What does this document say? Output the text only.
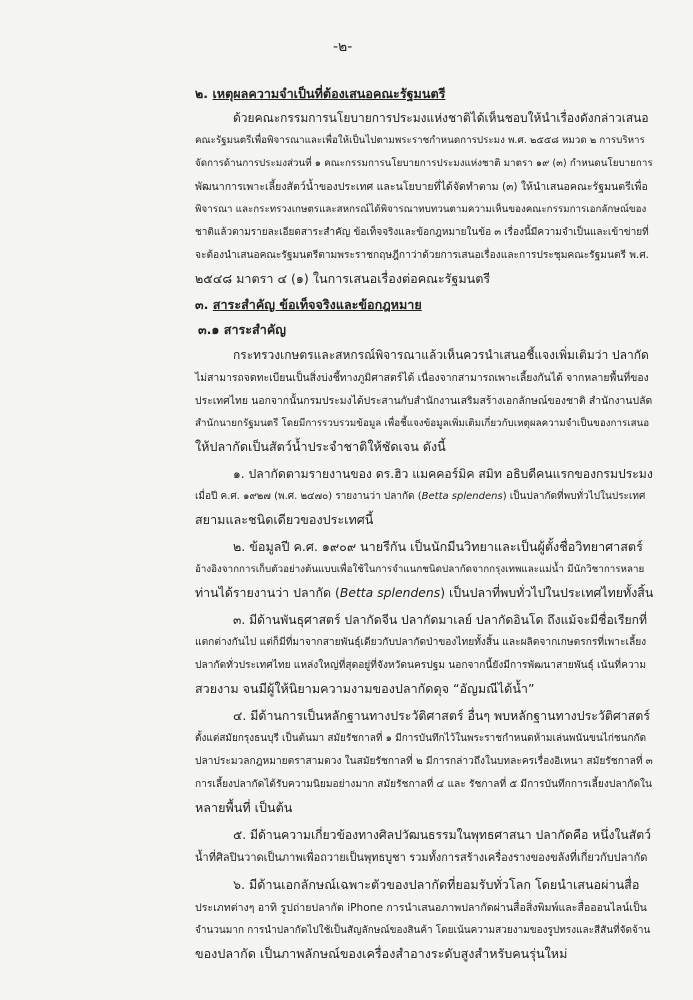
-๒-
๒. เหตุผลความจำเป็นที่ต้องเสนอคณะรัฐมนตรี
ด้วยคณะกรรมการนโยบายการประมงแห่งชาติได้เห็นชอบให้นำเรื่องดังกล่าวเสนอ
คณะรัฐมนตรีเพื่อพิจารณาและเพื่อให้เป็นไปตามพระราชกำหนดการประมง พ.ศ. ๒๕๕๘ หมวด ๒ การบริหาร
จัดการด้านการประมงส่วนที่ ๑ คณะกรรมการนโยบายการประมงแห่งชาติ มาตรา ๑๙ (๓) กำหนดนโยบายการ
พัฒนาการเพาะเลี้ยงสัตว์น้ำของประเทศ และนโยบายที่ได้จัดทำตาม (๓) ให้นำเสนอคณะรัฐมนตรีเพื่อ
พิจารณา และกระทรวงเกษตรและสหกรณ์ได้พิจารณาทบทวนตามความเห็นของคณะกรรมการเอกลักษณ์ของ
ชาติแล้วตามรายละเอียดสาระสำคัญ ข้อเท็จจริงและข้อกฎหมายในข้อ ๓ เรื่องนี้มีความจำเป็นและเข้าข่ายที่
จะต้องนำเสนอคณะรัฐมนตรีตามพระราชกฤษฎีกาว่าด้วยการเสนอเรื่องและการประชุมคณะรัฐมนตรี พ.ศ.
๒๕๔๘ มาตรา ๔ (๑) ในการเสนอเรื่องต่อคณะรัฐมนตรี
๓. สาระสำคัญ ข้อเท็จจริงและข้อกฎหมาย
๓.๑ สาระสำคัญ
กระทรวงเกษตรและสหกรณ์พิจารณาแล้วเห็นควรนำเสนอชี้แจงเพิ่มเติมว่า ปลากัด
ไม่สามารถจดทะเบียนเป็นสิ่งบ่งชี้ทางภูมิศาสตร์ได้ เนื่องจากสามารถเพาะเลี้ยงกันได้ จากหลายพื้นที่ของ
ประเทศไทย นอกจากนั้นกรมประมงได้ประสานกับสำนักงานเสริมสร้างเอกลักษณ์ของชาติ สำนักงานปลัด
สำนักนายกรัฐมนตรี โดยมีการรวบรวมข้อมูล เพื่อชี้แจงข้อมูลเพิ่มเติมเกี่ยวกับเหตุผลความจำเป็นของการเสนอ
ให้ปลากัดเป็นสัตว์น้ำประจำชาติให้ชัดเจน ดังนี้
๑. ปลากัดตามรายงานของ ดร.ฮิว แมคคอร์มิค สมิท อธิบดีคนแรกของกรมประมง
เมื่อปี ค.ศ. ๑๙๒๗ (พ.ศ. ๒๔๗๐) รายงานว่า ปลากัด (Betta splendens) เป็นปลากัดที่พบทั่วไปในประเทศ
สยามและชนิดเดียวของประเทศนี้
๒. ข้อมูลปี ค.ศ. ๑๙๐๙ นายรีกัน เป็นนักมีนวิทยาและเป็นผู้ตั้งชื่อวิทยาศาสตร์
อ้างอิงจากการเก็บตัวอย่างต้นแบบเพื่อใช้ในการจำแนกชนิดปลากัดจากกรุงเทพและแม่น้ำ มีนักวิชาการหลาย
ท่านได้รายงานว่า ปลากัด (Betta splendens) เป็นปลาที่พบทั่วไปในประเทศไทยทั้งสิ้น
๓. มีด้านพันธุศาสตร์ ปลากัดจีน ปลากัดมาเลย์ ปลากัดอินโด ถึงแม้จะมีชื่อเรียกที่
แตกต่างกันไป แต่ก็มีที่มาจากสายพันธุ์เดียวกับปลากัดป่าของไทยทั้งสิ้น และผลิตจากเกษตรกรที่เพาะเลี้ยง
ปลากัดทั่วประเทศไทย แหล่งใหญ่ที่สุดอยู่ที่จังหวัดนครปฐม นอกจากนี้ยังมีการพัฒนาสายพันธุ์ เน้นที่ความ
สวยงาม จนมีผู้ให้นิยามความงามของปลากัดดุจ “อัญมณีได้น้ำ”
๔. มีด้านการเป็นหลักฐานทางประวัติศาสตร์ อื่นๆ พบหลักฐานทางประวัติศาสตร์
ตั้งแต่สมัยกรุงธนบุรี เป็นต้นมา สมัยรัชกาลที่ ๑ มีการบันทึกไว้ในพระราชกำหนดห้ามเล่นพนันขนไก่ชนกกัด
ปลาประมวลกฎหมายตราสามดวง ในสมัยรัชกาลที่ ๒ มีการกล่าวถึงในบทละครเรื่องอิเหนา สมัยรัชกาลที่ ๓
การเลี้ยงปลากัดได้รับความนิยมอย่างมาก สมัยรัชกาลที่ ๔ และ รัชกาลที่ ๕ มีการบันทึกการเลี้ยงปลากัดใน
หลายพื้นที่ เป็นต้น
๕. มีด้านความเกี่ยวข้องทางศิลปวัฒนธรรมในพุทธศาสนา ปลากัดคือ หนึ่งในสัตว์
น้ำที่ศิลปินวาดเป็นภาพเพื่อถวายเป็นพุทธบูชา รวมทั้งการสร้างเครื่องรางของขลังที่เกี่ยวกับปลากัด
๖. มีด้านเอกลักษณ์เฉพาะตัวของปลากัดที่ยอมรับทั่วโลก โดยนำเสนอผ่านสื่อ
ประเภทต่างๆ อาทิ รูปถ่ายปลากัด iPhone การนำเสนอภาพปลากัดผ่านสื่อสิ่งพิมพ์และสื่อออนไลน์เป็น
จำนวนมาก การนำปลากัดไปใช้เป็นสัญลักษณ์ของสินค้า โดยเน้นความสวยงามของรูปทรงและสีสันที่จัดจ้าน
ของปลากัด เป็นภาพลักษณ์ของเครื่องสำอางระดับสูงสำหรับคนรุ่นใหม่
